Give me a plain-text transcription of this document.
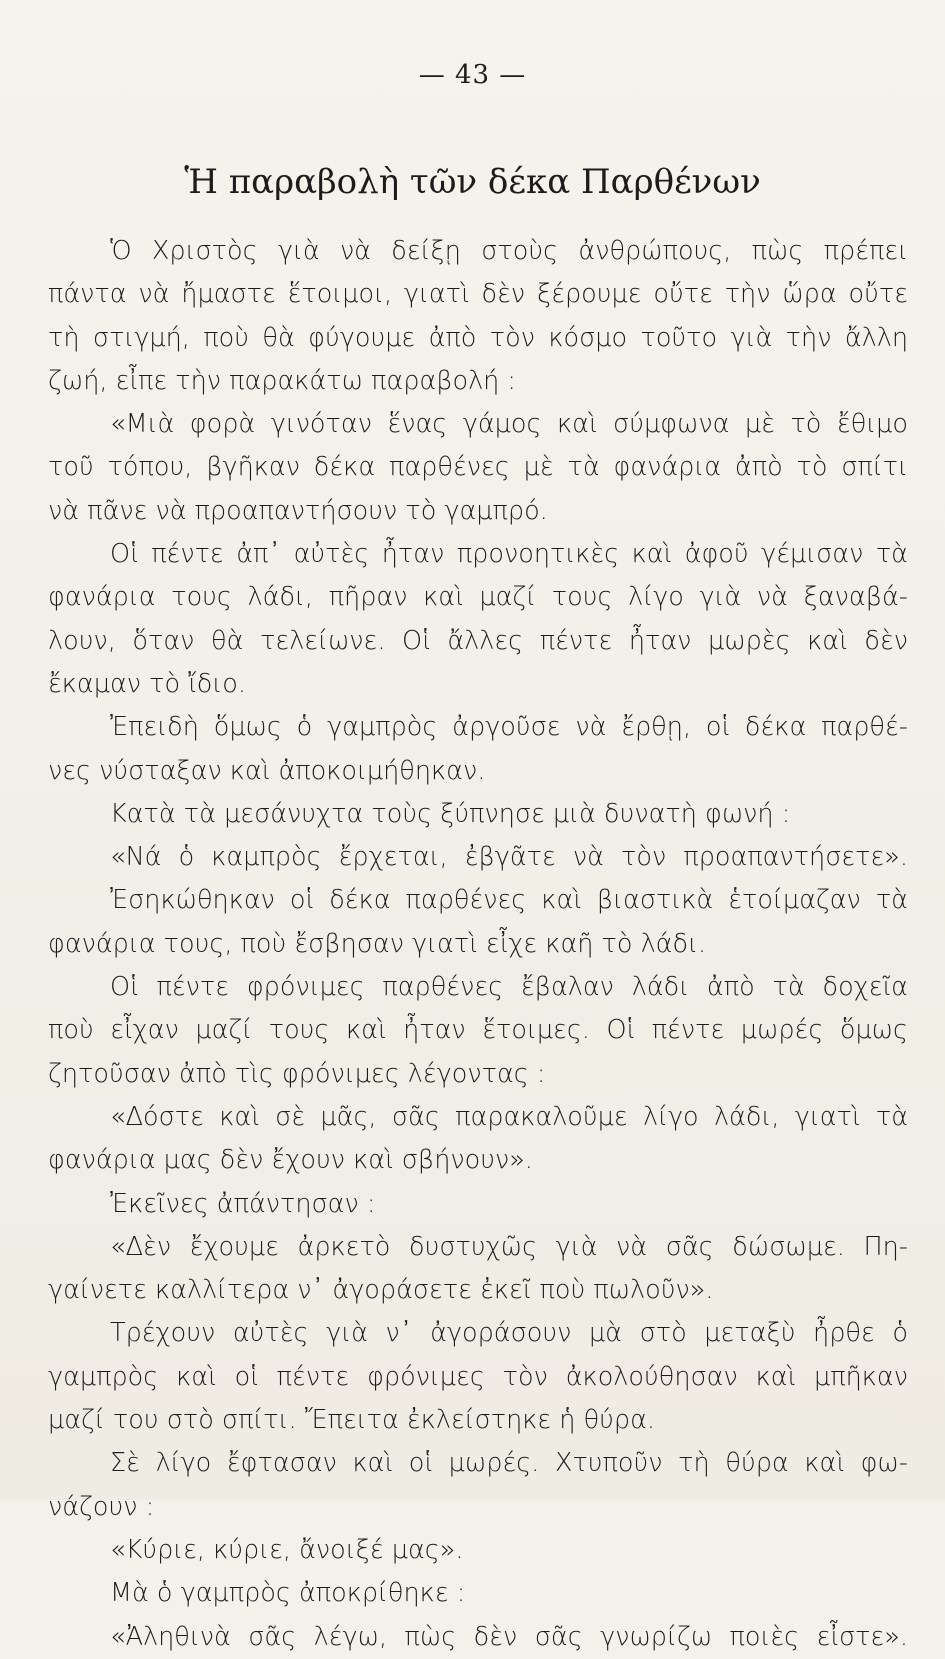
— 43 —
Ἡ παραβολὴ τῶν δέκα Παρθένων
Ὁ Χριστὸς γιὰ νὰ δείξῃ στοὺς ἀνθρώπους, πὼς πρέπει
πάντα νὰ ἤμαστε ἕτοιμοι, γιατὶ δὲν ξέρουμε οὔτε τὴν ὥρα οὔτε
τὴ στιγμή, ποὺ θὰ φύγουμε ἀπὸ τὸν κόσμο τοῦτο γιὰ τὴν ἄλλη
ζωή, εἶπε τὴν παρακάτω παραβολή :
«Μιὰ φορὰ γινόταν ἕνας γάμος καὶ σύμφωνα μὲ τὸ ἔθιμο
τοῦ τόπου, βγῆκαν δέκα παρθένες μὲ τὰ φανάρια ἀπὸ τὸ σπίτι
νὰ πᾶνε νὰ προαπαντήσουν τὸ γαμπρό.
Οἱ πέντε ἀπ᾽ αὐτὲς ἦταν προνοητικὲς καὶ ἀφοῦ γέμισαν τὰ
φανάρια τους λάδι, πῆραν καὶ μαζί τους λίγο γιὰ νὰ ξαναβά-
λουν, ὅταν θὰ τελείωνε. Οἱ ἄλλες πέντε ἦταν μωρὲς καὶ δὲν
ἔκαμαν τὸ ἴδιο.
Ἐπειδὴ ὅμως ὁ γαμπρὸς ἀργοῦσε νὰ ἔρθῃ, οἱ δέκα παρθέ-
νες νύσταξαν καὶ ἀποκοιμήθηκαν.
Κατὰ τὰ μεσάνυχτα τοὺς ξύπνησε μιὰ δυνατὴ φωνή :
«Νά ὁ καμπρὸς ἔρχεται, ἐβγᾶτε νὰ τὸν προαπαντήσετε».
Ἐσηκώθηκαν οἱ δέκα παρθένες καὶ βιαστικὰ ἑτοίμαζαν τὰ
φανάρια τους, ποὺ ἔσβησαν γιατὶ εἶχε καῆ τὸ λάδι.
Οἱ πέντε φρόνιμες παρθένες ἔβαλαν λάδι ἀπὸ τὰ δοχεῖα
ποὺ εἶχαν μαζί τους καὶ ἦταν ἕτοιμες. Οἱ πέντε μωρές ὅμως
ζητοῦσαν ἀπὸ τὶς φρόνιμες λέγοντας :
«Δόστε καὶ σὲ μᾶς, σᾶς παρακαλοῦμε λίγο λάδι, γιατὶ τὰ
φανάρια μας δὲν ἔχουν καὶ σβήνουν».
Ἐκεῖνες ἀπάντησαν :
«Δὲν ἔχουμε ἀρκετὸ δυστυχῶς γιὰ νὰ σᾶς δώσωμε. Πη-
γαίνετε καλλίτερα ν᾽ ἀγοράσετε ἐκεῖ ποὺ πωλοῦν».
Τρέχουν αὐτὲς γιὰ ν᾽ ἀγοράσουν μὰ στὸ μεταξὺ ἦρθε ὁ
γαμπρὸς καὶ οἱ πέντε φρόνιμες τὸν ἀκολούθησαν καὶ μπῆκαν
μαζί του στὸ σπίτι. Ἔπειτα ἐκλείστηκε ἡ θύρα.
Σὲ λίγο ἔφτασαν καὶ οἱ μωρές. Χτυποῦν τὴ θύρα καὶ φω-
νάζουν :
«Κύριε, κύριε, ἄνοιξέ μας».
Μὰ ὁ γαμπρὸς ἀποκρίθηκε :
«Ἀληθινὰ σᾶς λέγω, πὼς δὲν σᾶς γνωρίζω ποιὲς εἶστε».
